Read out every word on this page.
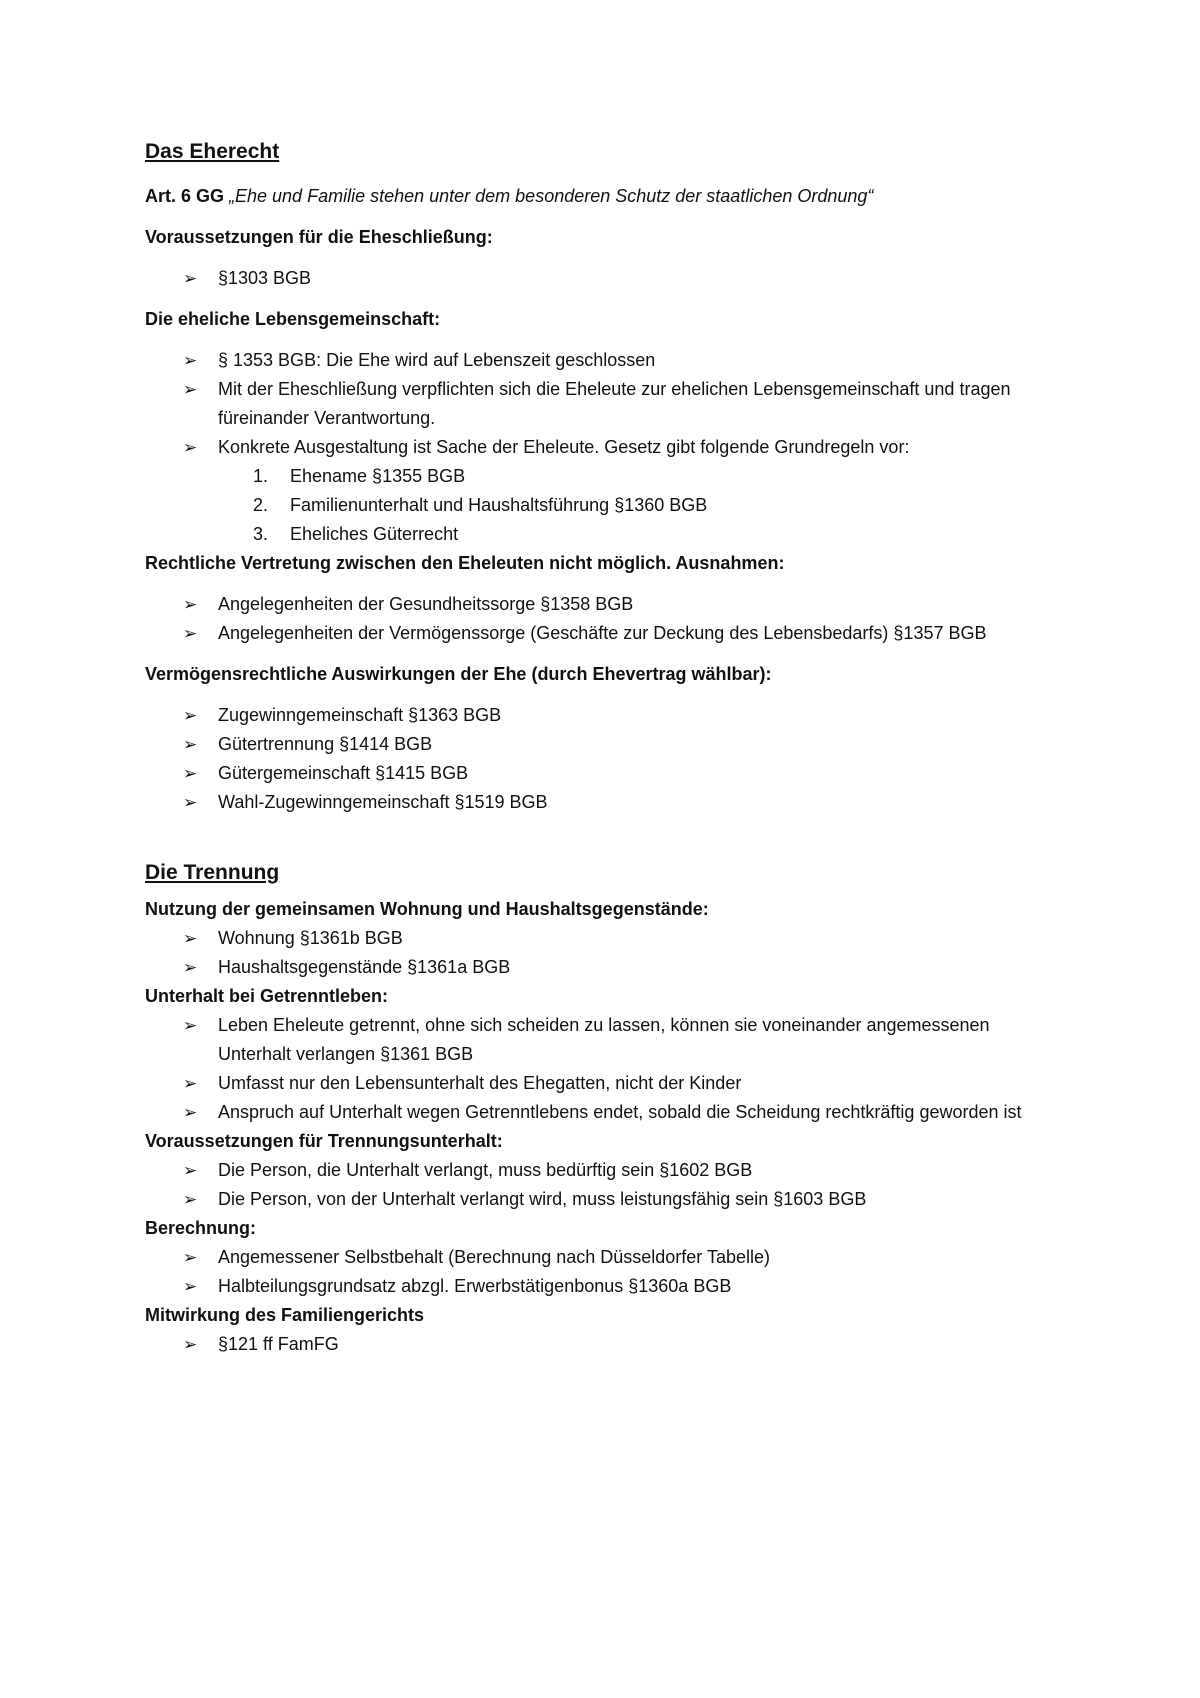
Das Eherecht

Art. 6 GG „Ehe und Familie stehen unter dem besonderen Schutz der staatlichen Ordnung“

Voraussetzungen für die Eheschließung:

➢	§1303 BGB

Die eheliche Lebensgemeinschaft:

➢	§ 1353 BGB: Die Ehe wird auf Lebenszeit geschlossen
➢	Mit der Eheschließung verpflichten sich die Eheleute zur ehelichen Lebensgemeinschaft und tragen füreinander Verantwortung.
➢	Konkrete Ausgestaltung ist Sache der Eheleute. Gesetz gibt folgende Grundregeln vor:
1. Ehename §1355 BGB
2. Familienunterhalt und Haushaltsführung §1360 BGB
3. Eheliches Güterrecht

Rechtliche Vertretung zwischen den Eheleuten nicht möglich. Ausnahmen:

➢	Angelegenheiten der Gesundheitssorge §1358 BGB
➢	Angelegenheiten der Vermögenssorge (Geschäfte zur Deckung des Lebensbedarfs) §1357 BGB

Vermögensrechtliche Auswirkungen der Ehe (durch Ehevertrag wählbar):

➢	Zugewinngemeinschaft §1363 BGB
➢	Gütertrennung §1414 BGB
➢	Gütergemeinschaft §1415 BGB
➢	Wahl-Zugewinngemeinschaft §1519 BGB
Die Trennung

Nutzung der gemeinsamen Wohnung und Haushaltsgegenstände:

➢	Wohnung §1361b BGB
➢	Haushaltsgegenstände §1361a BGB

Unterhalt bei Getrenntleben:

➢	Leben Eheleute getrennt, ohne sich scheiden zu lassen, können sie voneinander angemessenen Unterhalt verlangen §1361 BGB
➢	Umfasst nur den Lebensunterhalt des Ehegatten, nicht der Kinder
➢	Anspruch auf Unterhalt wegen Getrenntlebens endet, sobald die Scheidung rechtkräftig geworden ist

Voraussetzungen für Trennungsunterhalt:

➢	Die Person, die Unterhalt verlangt, muss bedürftig sein §1602 BGB
➢	Die Person, von der Unterhalt verlangt wird, muss leistungsfähig sein §1603 BGB

Berechnung:

➢	Angemessener Selbstbehalt (Berechnung nach Düsseldorfer Tabelle)
➢	Halbteilungsgrundsatz abzgl. Erwerbstätigenbonus §1360a BGB

Mitwirkung des Familiengerichts

➢	§121 ff FamFG
